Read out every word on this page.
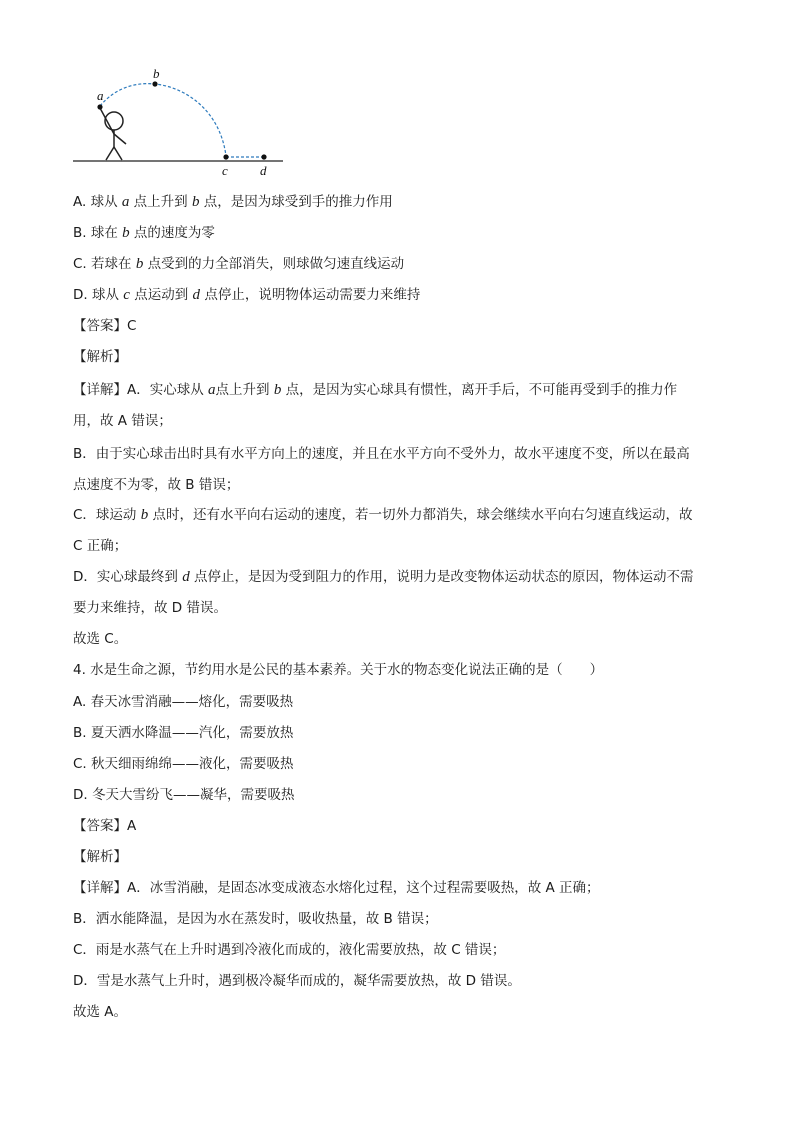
a
b
c d
A. 球从 a 点上升到 b 点，是因为球受到手的推力作用
B. 球在 b 点的速度为零
C. 若球在 b 点受到的力全部消失，则球做匀速直线运动
D. 球从 c 点运动到 d 点停止，说明物体运动需要力来维持
【答案】C
【解析】
【详解】A．实心球从 a点上升到 b 点，是因为实心球具有惯性，离开手后，不可能再受到手的推力作
用，故 A 错误；
B．由于实心球击出时具有水平方向上的速度，并且在水平方向不受外力，故水平速度不变，所以在最高
点速度不为零，故 B 错误；
C．球运动 b 点时，还有水平向右运动的速度，若一切外力都消失，球会继续水平向右匀速直线运动，故
C 正确；
D．实心球最终到 d 点停止，是因为受到阻力的作用，说明力是改变物体运动状态的原因，物体运动不需
要力来维持，故 D 错误。
故选 C。
4. 水是生命之源，节约用水是公民的基本素养。关于水的物态变化说法正确的是（　　）
A. 春天冰雪消融——熔化，需要吸热
B. 夏天洒水降温——汽化，需要放热
C. 秋天细雨绵绵——液化，需要吸热
D. 冬天大雪纷飞——凝华，需要吸热
【答案】A
【解析】
【详解】A．冰雪消融，是固态冰变成液态水熔化过程，这个过程需要吸热，故 A 正确；
B．洒水能降温，是因为水在蒸发时，吸收热量，故 B 错误；
C．雨是水蒸气在上升时遇到冷液化而成的，液化需要放热，故 C 错误；
D．雪是水蒸气上升时，遇到极冷凝华而成的，凝华需要放热，故 D 错误。
故选 A。
